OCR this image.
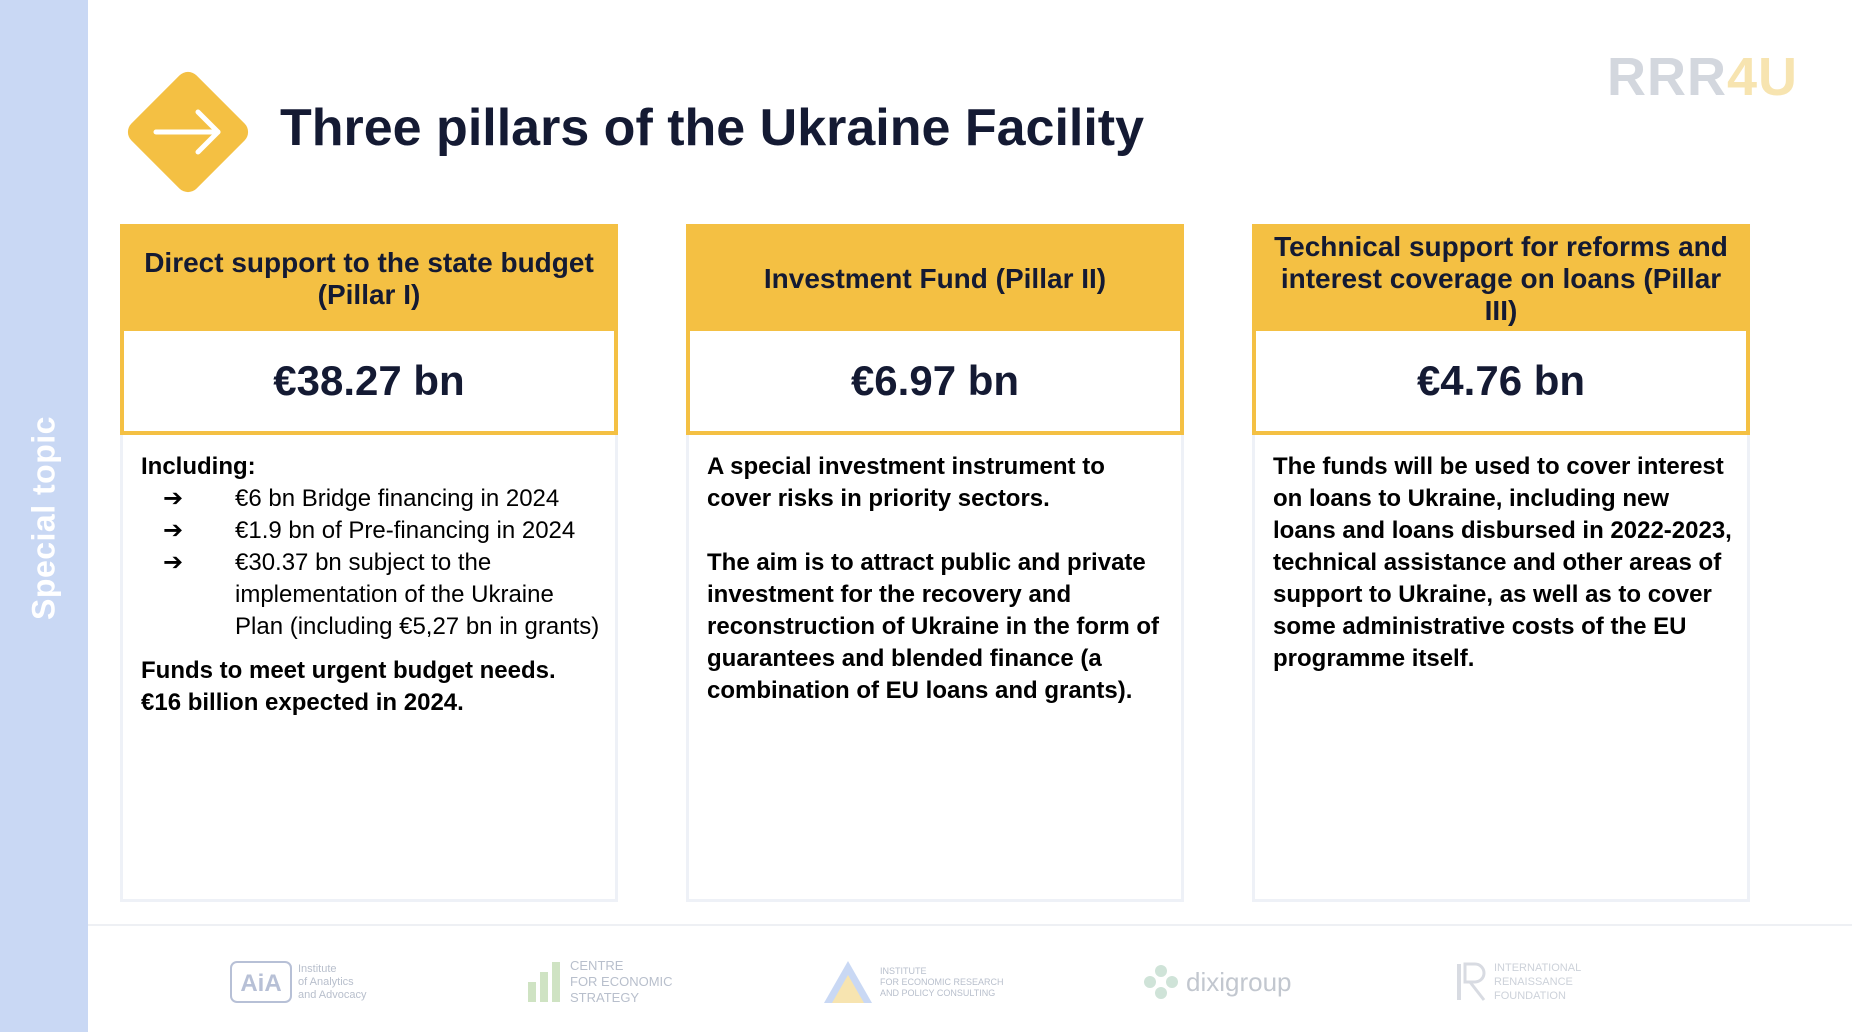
Special topic
Three pillars of the Ukraine Facility
RRR4U
Direct support to the state budget (Pillar I)
€38.27 bn

Including:

➔ €6 bn Bridge financing in 2024
➔ €1.9 bn of Pre-financing in 2024
➔ €30.37 bn subject to the implementation of the Ukraine Plan (including €5,27 bn in grants)

Funds to meet urgent budget needs. €16 billion expected in 2024.

Investment Fund (Pillar II)
€6.97 bn

A special investment instrument to cover risks in priority sectors.

The aim is to attract public and private investment for the recovery and reconstruction of Ukraine in the form of guarantees and blended finance (a combination of EU loans and grants).

Technical support for reforms and interest coverage on loans (Pillar III)
€4.76 bn

The funds will be used to cover interest on loans to Ukraine, including new loans and loans disbursed in 2022-2023, technical assistance and other areas of support to Ukraine, as well as to cover some administrative costs of the EU programme itself.

AiA
Institute
of Analytics
and Advocacy
CENTRE
FOR ECONOMIC
STRATEGY
INSTITUTE
FOR ECONOMIC RESEARCH
AND POLICY CONSULTING	dixigroup	INTERNATIONAL
RENAISSANCE
FOUNDATION
